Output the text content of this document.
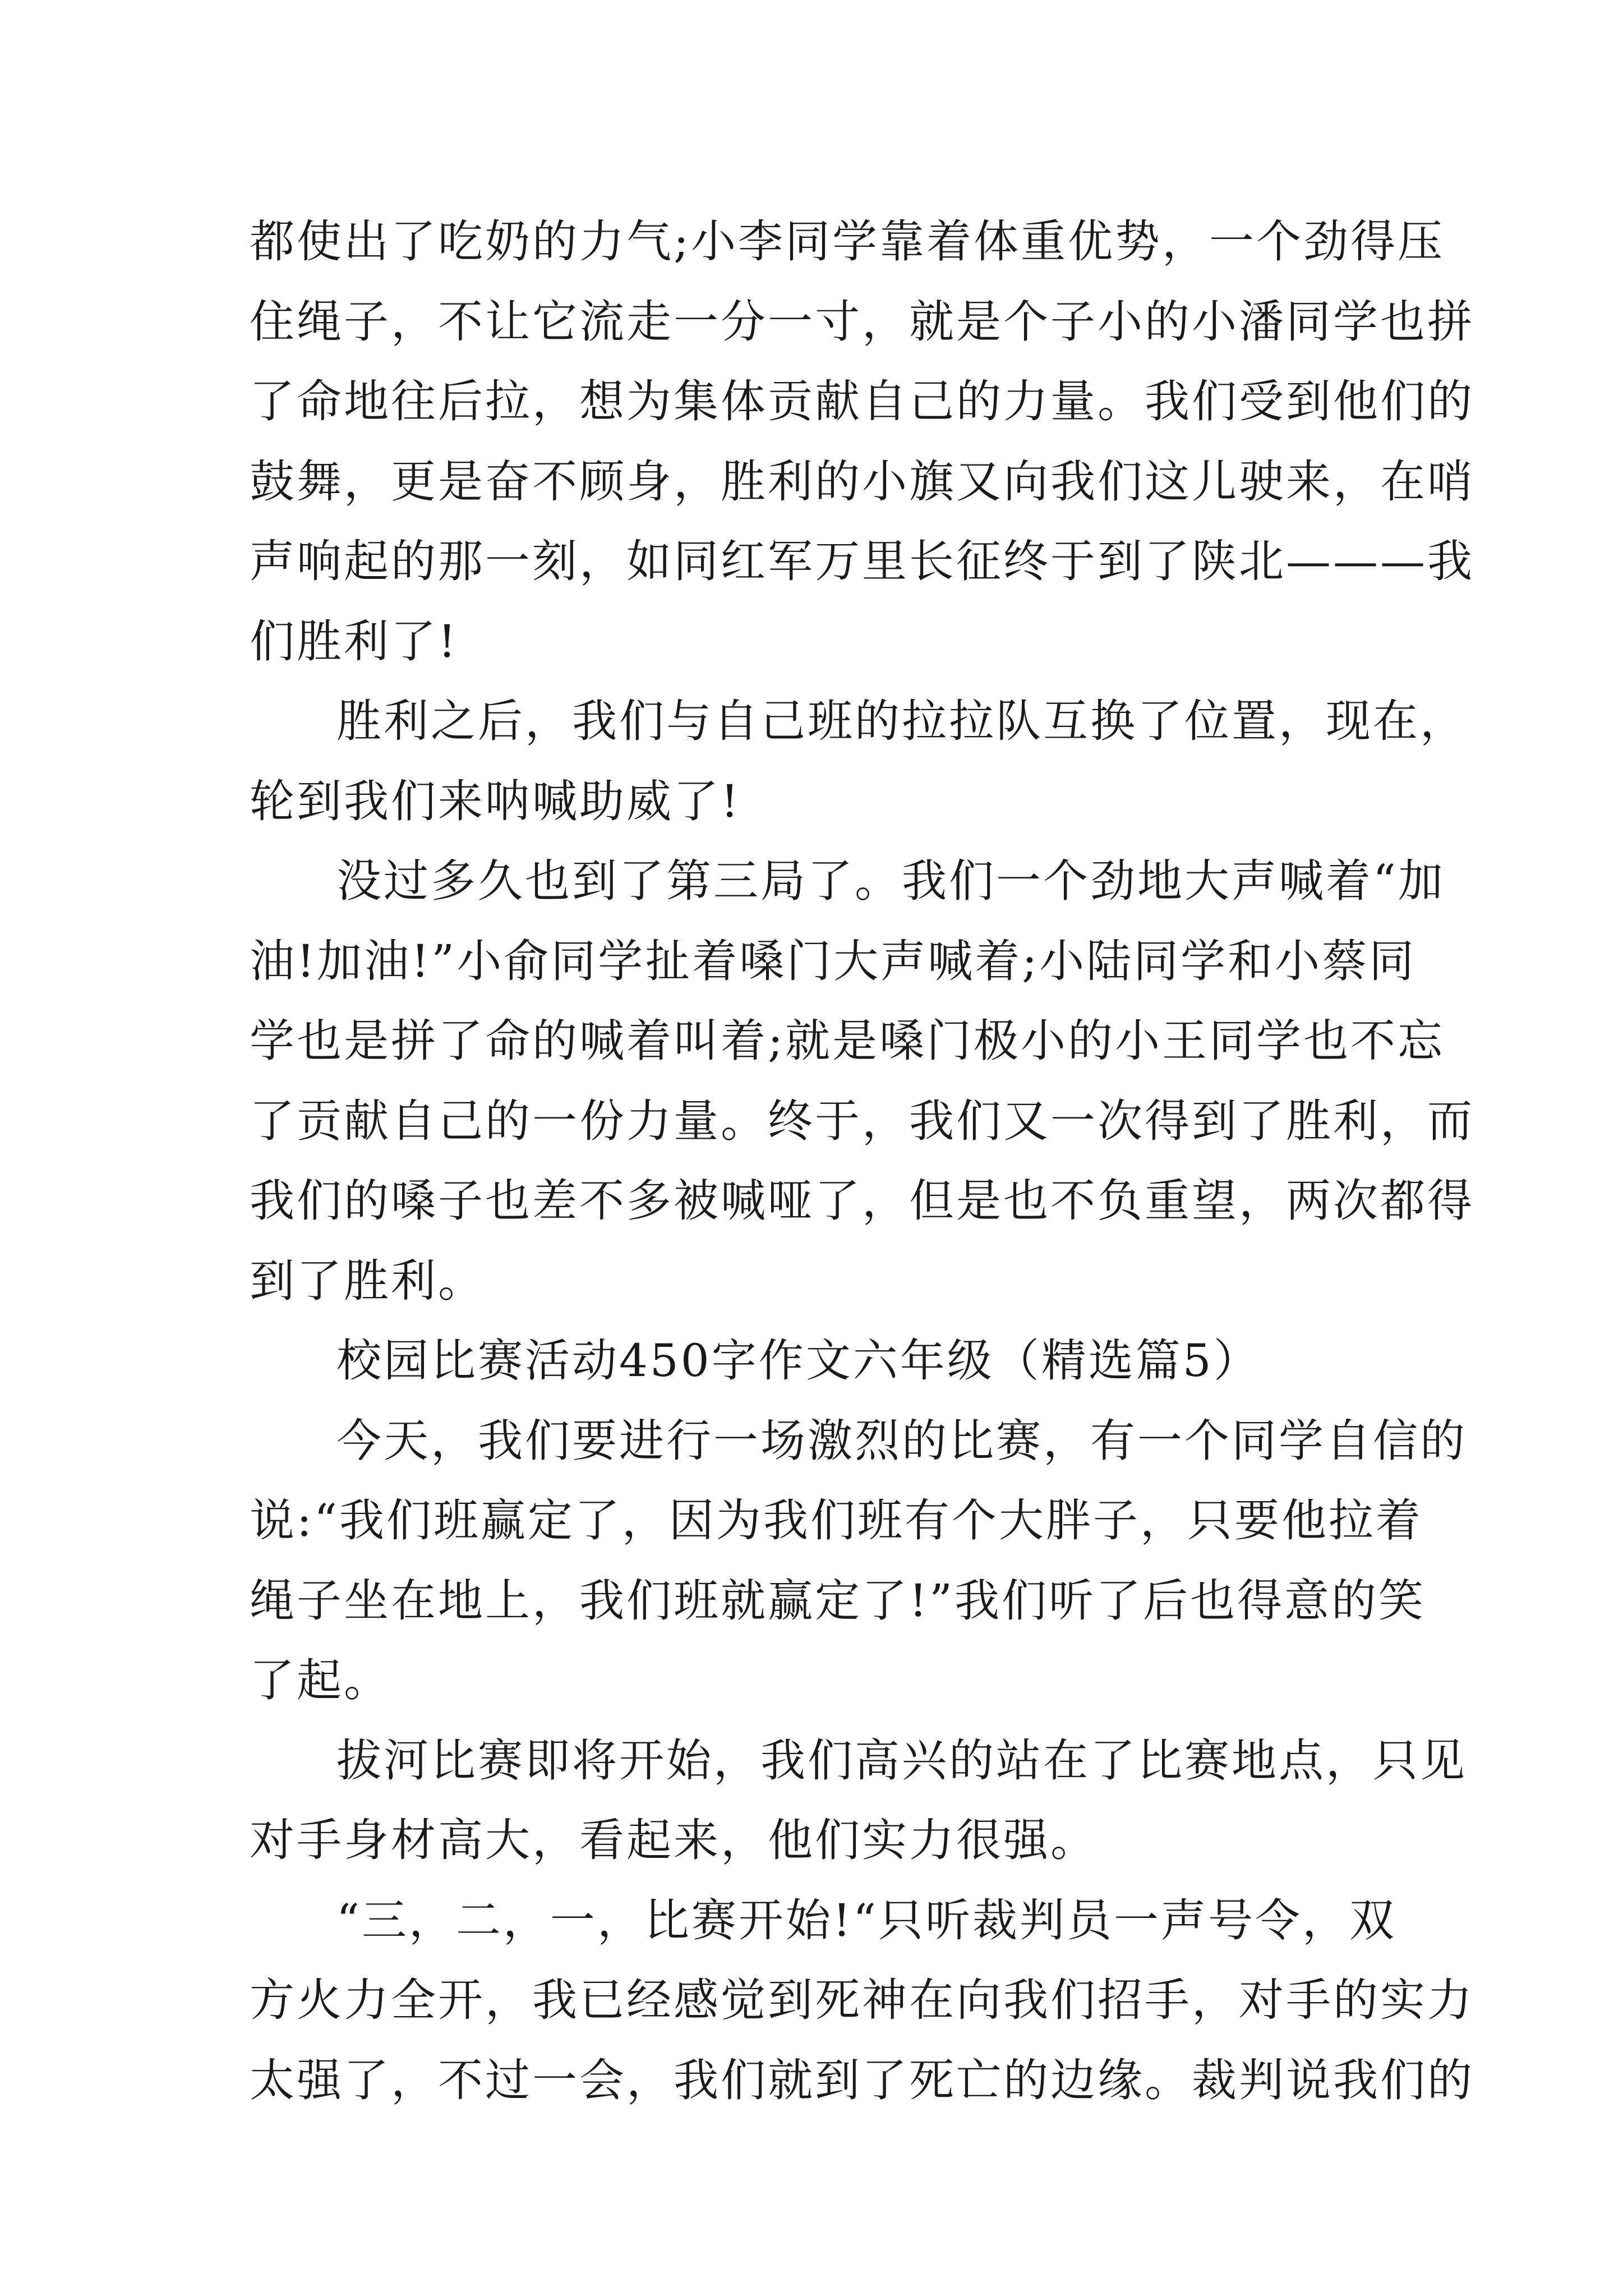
都使出了吃奶的力气;小李同学靠着体重优势，一个劲得压
住绳子，不让它流走一分一寸，就是个子小的小潘同学也拼
了命地往后拉，想为集体贡献自己的力量。我们受到他们的
鼓舞，更是奋不顾身，胜利的小旗又向我们这儿驶来，在哨
声响起的那一刻，如同红军万里长征终于到了陕北———我
们胜利了!

胜利之后，我们与自己班的拉拉队互换了位置，现在，
轮到我们来呐喊助威了!

没过多久也到了第三局了。我们一个劲地大声喊着“加
油!加油!”小俞同学扯着嗓门大声喊着;小陆同学和小蔡同
学也是拼了命的喊着叫着;就是嗓门极小的小王同学也不忘
了贡献自己的一份力量。终于，我们又一次得到了胜利，而
我们的嗓子也差不多被喊哑了，但是也不负重望，两次都得
到了胜利。

校园比赛活动450字作文六年级（精选篇5）

今天，我们要进行一场激烈的比赛，有一个同学自信的
说:“我们班赢定了，因为我们班有个大胖子，只要他拉着
绳子坐在地上，我们班就赢定了!”我们听了后也得意的笑
了起。

拔河比赛即将开始，我们高兴的站在了比赛地点，只见
对手身材高大，看起来，他们实力很强。

“三，二，一，比赛开始!“只听裁判员一声号令，双
方火力全开，我已经感觉到死神在向我们招手，对手的实力
太强了，不过一会，我们就到了死亡的边缘。裁判说我们的
